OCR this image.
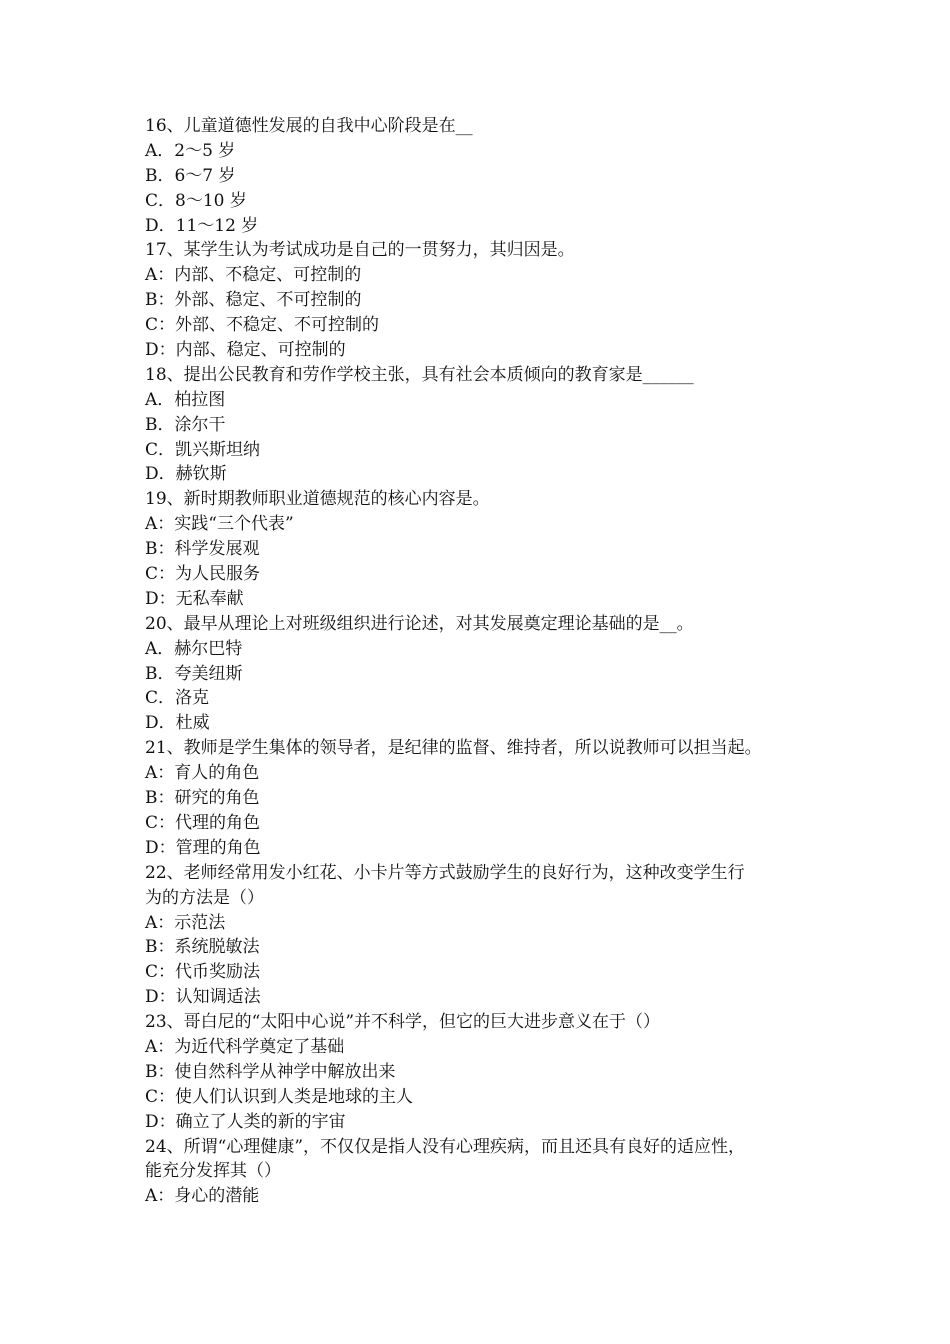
16、儿童道德性发展的自我中心阶段是在__
A．2～5 岁
B．6～7 岁
C．8～10 岁
D．11～12 岁
17、某学生认为考试成功是自己的一贯努力，其归因是。
A：内部、不稳定、可控制的
B：外部、稳定、不可控制的
C：外部、不稳定、不可控制的
D：内部、稳定、可控制的
18、提出公民教育和劳作学校主张，具有社会本质倾向的教育家是______
A．柏拉图
B．涂尔干
C．凯兴斯坦纳
D．赫钦斯
19、新时期教师职业道德规范的核心内容是。
A：实践“三个代表”
B：科学发展观
C：为人民服务
D：无私奉献
20、最早从理论上对班级组织进行论述，对其发展奠定理论基础的是__。
A．赫尔巴特
B．夸美纽斯
C．洛克
D．杜威
21、教师是学生集体的领导者，是纪律的监督、维持者，所以说教师可以担当起。
A：育人的角色
B：研究的角色
C：代理的角色
D：管理的角色
22、老师经常用发小红花、小卡片等方式鼓励学生的良好行为，这种改变学生行
为的方法是（）
A：示范法
B：系统脱敏法
C：代币奖励法
D：认知调适法
23、哥白尼的“太阳中心说”并不科学，但它的巨大进步意义在于（）
A：为近代科学奠定了基础
B：使自然科学从神学中解放出来
C：使人们认识到人类是地球的主人
D：确立了人类的新的宇宙
24、所谓“心理健康”，不仅仅是指人没有心理疾病，而且还具有良好的适应性，
能充分发挥其（）
A：身心的潜能
